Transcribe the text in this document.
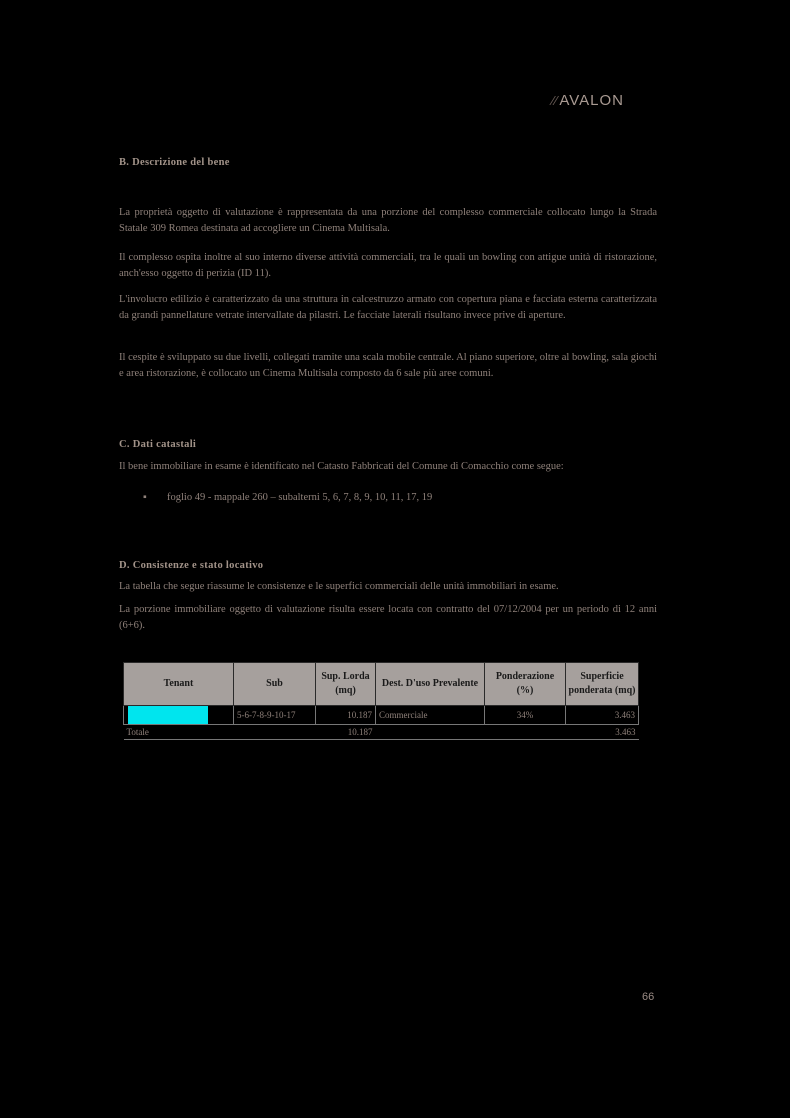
⁄⁄AVALON
B. Descrizione del bene
La proprietà oggetto di valutazione è rappresentata da una porzione del complesso commerciale collocato lungo la Strada Statale 309 Romea destinata ad accogliere un Cinema Multisala.
Il complesso ospita inoltre al suo interno diverse attività commerciali, tra le quali un bowling con attigue unità di ristorazione, anch'esso oggetto di perizia (ID 11).
L'involucro edilizio è caratterizzato da una struttura in calcestruzzo armato con copertura piana e facciata esterna caratterizzata da grandi pannellature vetrate intervallate da pilastri. Le facciate laterali risultano invece prive di aperture.
Il cespite è sviluppato su due livelli, collegati tramite una scala mobile centrale. Al piano superiore, oltre al bowling, sala giochi e area ristorazione, è collocato un Cinema Multisala composto da 6 sale più aree comuni.
C. Dati catastali
Il bene immobiliare in esame è identificato nel Catasto Fabbricati del Comune di Comacchio come segue:
▪ foglio 49 - mappale 260 – subalterni 5, 6, 7, 8, 9, 10, 11, 17, 19
D. Consistenze e stato locativo
La tabella che segue riassume le consistenze e le superfici commerciali delle unità immobiliari in esame.
La porzione immobiliare oggetto di valutazione risulta essere locata con contratto del 07/12/2004 per un periodo di 12 anni (6+6).
Tenant	Sub	Sup. Lorda (mq)	Dest. D'uso Prevalente	Ponderazione (%)	Superficie ponderata (mq)
	5-6-7-8-9-10-17	10.187	Commerciale	34%	3.463
Totale		10.187			3.463
66
